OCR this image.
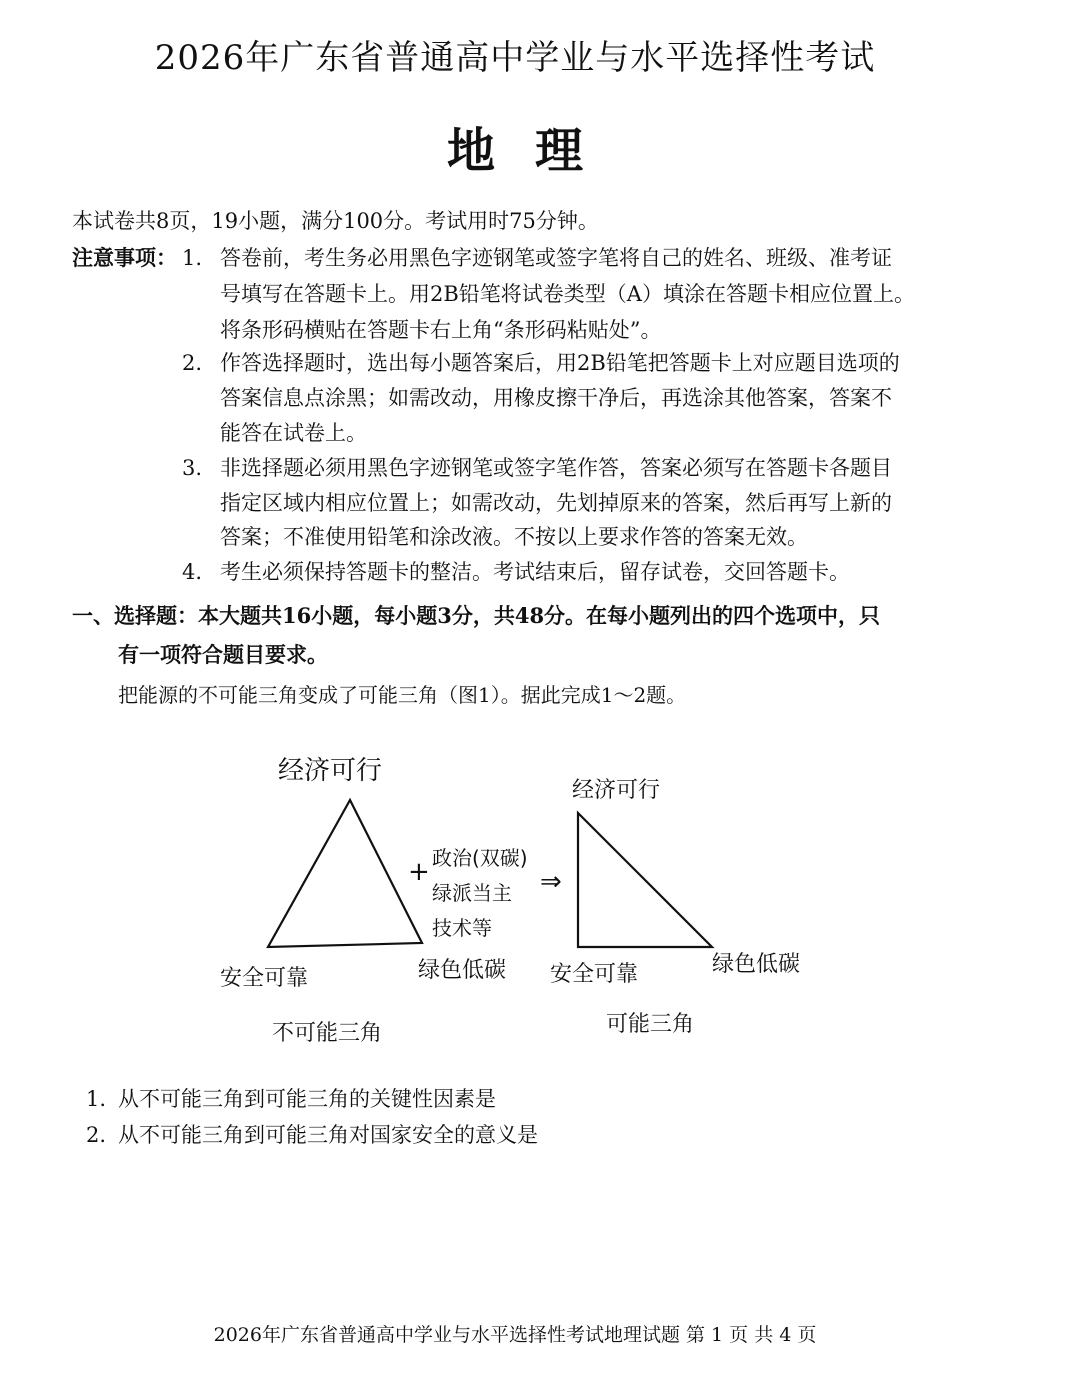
2026年广东省普通高中学业与水平选择性考试
地理
本试卷共8页，19小题，满分100分。考试用时75分钟。
注意事项： 1. 答卷前，考生务必用黑色字迹钢笔或签字笔将自己的姓名、班级、准考证
号填写在答题卡上。用2B铅笔将试卷类型（A）填涂在答题卡相应位置上。
将条形码横贴在答题卡右上角“条形码粘贴处”。
2. 作答选择题时，选出每小题答案后，用2B铅笔把答题卡上对应题目选项的
答案信息点涂黑；如需改动，用橡皮擦干净后，再选涂其他答案，答案不
能答在试卷上。
3. 非选择题必须用黑色字迹钢笔或签字笔作答，答案必须写在答题卡各题目
指定区域内相应位置上；如需改动，先划掉原来的答案，然后再写上新的
答案；不准使用铅笔和涂改液。不按以上要求作答的答案无效。
4. 考生必须保持答题卡的整洁。考试结束后，留存试卷，交回答题卡。
一、选择题：本大题共16小题，每小题3分，共48分。在每小题列出的四个选项中，只
有一项符合题目要求。
把能源的不可能三角变成了可能三角（图1）。据此完成1～2题。
经济可行
安全可靠	绿色低碳
不可能三角
+ 政治(双碳)
绿派当主
技术等
⇒
经济可行
安全可靠	绿色低碳
可能三角
1. 从不可能三角到可能三角的关键性因素是
2. 从不可能三角到可能三角对国家安全的意义是
2026年广东省普通高中学业与水平选择性考试地理试题 第 1 页 共 4 页
